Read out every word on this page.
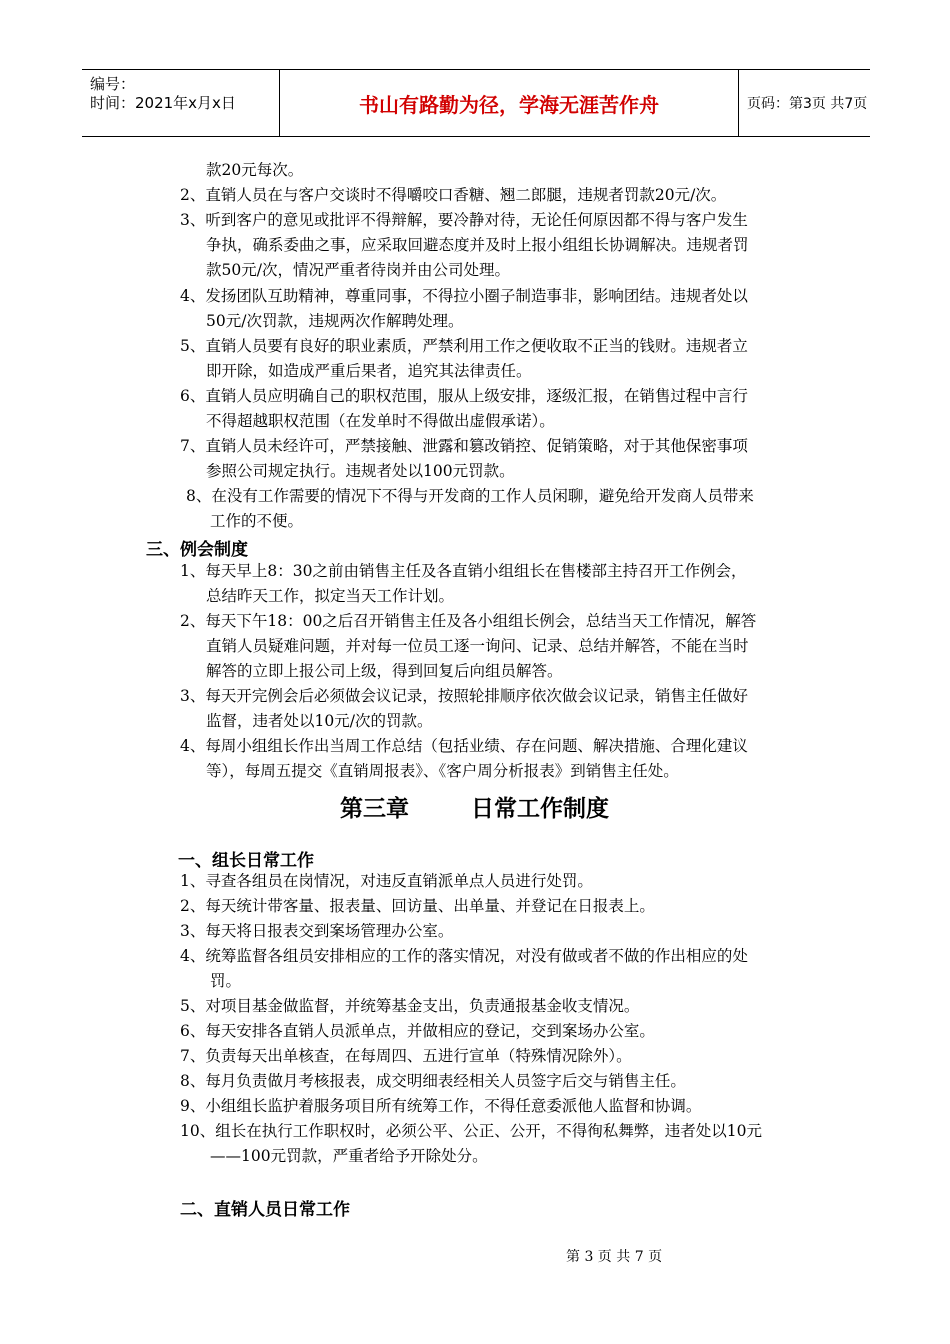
编号：
时间：2021年x月x日	书山有路勤为径，学海无涯苦作舟	页码：第3页 共7页
款20元每次。
2、直销人员在与客户交谈时不得嚼咬口香糖、翘二郎腿，违规者罚款20元/次。
3、听到客户的意见或批评不得辩解，要冷静对待，无论任何原因都不得与客户发生
争执，确系委曲之事，应采取回避态度并及时上报小组组长协调解决。违规者罚
款50元/次，情况严重者待岗并由公司处理。
4、发扬团队互助精神，尊重同事，不得拉小圈子制造事非，影响团结。违规者处以
50元/次罚款，违规两次作解聘处理。
5、直销人员要有良好的职业素质，严禁利用工作之便收取不正当的钱财。违规者立
即开除，如造成严重后果者，追究其法律责任。
6、直销人员应明确自己的职权范围，服从上级安排，逐级汇报，在销售过程中言行
不得超越职权范围（在发单时不得做出虚假承诺）。
7、直销人员未经许可，严禁接触、泄露和篡改销控、促销策略，对于其他保密事项
参照公司规定执行。违规者处以100元罚款。
8、在没有工作需要的情况下不得与开发商的工作人员闲聊，避免给开发商人员带来
工作的不便。
三、例会制度
1、每天早上8：30之前由销售主任及各直销小组组长在售楼部主持召开工作例会，
总结昨天工作，拟定当天工作计划。
2、每天下午18：00之后召开销售主任及各小组组长例会，总结当天工作情况，解答
直销人员疑难问题，并对每一位员工逐一询问、记录、总结并解答，不能在当时
解答的立即上报公司上级，得到回复后向组员解答。
3、每天开完例会后必须做会议记录，按照轮排顺序依次做会议记录，销售主任做好
监督，违者处以10元/次的罚款。
4、每周小组组长作出当周工作总结（包括业绩、存在问题、解决措施、合理化建议
等），每周五提交《直销周报表》、《客户周分析报表》到销售主任处。
第三章	日常工作制度
一、组长日常工作
1、寻查各组员在岗情况，对违反直销派单点人员进行处罚。
2、每天统计带客量、报表量、回访量、出单量、并登记在日报表上。
3、每天将日报表交到案场管理办公室。
4、统筹监督各组员安排相应的工作的落实情况，对没有做或者不做的作出相应的处
罚。
5、对项目基金做监督，并统筹基金支出，负责通报基金收支情况。
6、每天安排各直销人员派单点，并做相应的登记，交到案场办公室。
7、负责每天出单核查，在每周四、五进行宣单（特殊情况除外）。
8、每月负责做月考核报表，成交明细表经相关人员签字后交与销售主任。
9、小组组长监护着服务项目所有统筹工作，不得任意委派他人监督和协调。
10、组长在执行工作职权时，必须公平、公正、公开，不得徇私舞弊，违者处以10元
——100元罚款，严重者给予开除处分。
二、直销人员日常工作
第 3 页 共 7 页
